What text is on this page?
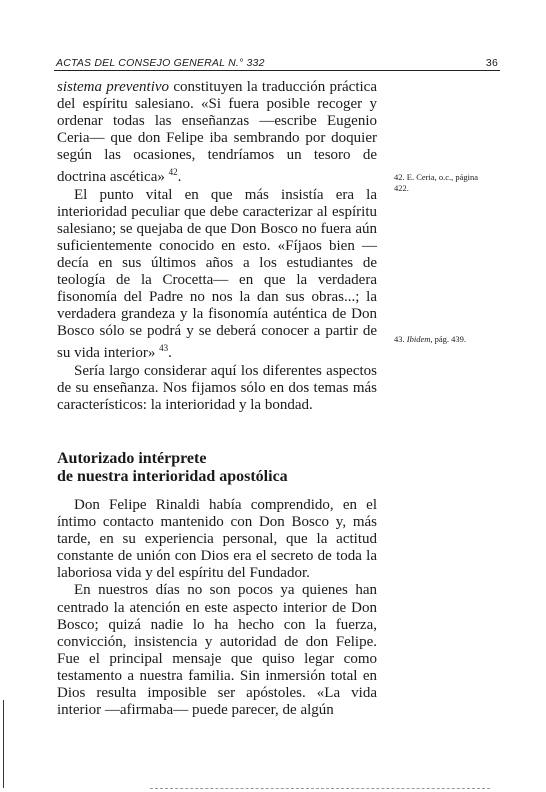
ACTAS DEL CONSEJO GENERAL N.° 332	36

sistema preventivo constituyen la traducción práctica del espíritu salesiano. «Si fuera posible recoger y ordenar todas las enseñanzas —escribe Eugenio Ceria— que don Felipe iba sembrando por doquier según las ocasiones, tendríamos un tesoro de doctrina ascética» $^{42}$.

El punto vital en que más insistía era la interioridad peculiar que debe caracterizar al espíritu salesiano; se quejaba de que Don Bosco no fuera aún suficientemente conocido en esto. «Fíjaos bien —decía en sus últimos años a los estudiantes de teología de la Crocetta— en que la verdadera fisonomía del Padre no nos la dan sus obras...; la verdadera grandeza y la fisonomía auténtica de Don Bosco sólo se podrá y se deberá conocer a partir de su vida interior» $^{43}$.

Sería largo considerar aquí los diferentes aspectos de su enseñanza. Nos fijamos sólo en dos temas más característicos: la interioridad y la bondad.

Autorizado intérprete
de nuestra interioridad apostólica

Don Felipe Rinaldi había comprendido, en el íntimo contacto mantenido con Don Bosco y, más tarde, en su experiencia personal, que la actitud constante de unión con Dios era el secreto de toda la laboriosa vida y del espíritu del Fundador.

En nuestros días no son pocos ya quienes han centrado la atención en este aspecto interior de Don Bosco; quizá nadie lo ha hecho con la fuerza, convicción, insistencia y autoridad de don Felipe. Fue el principal mensaje que quiso legar como testamento a nuestra familia. Sin inmersión total en Dios resulta imposible ser apóstoles. «La vida interior —afirmaba— puede parecer, de algún

42. E. Ceria, o.c., página 422.
43. Ibidem, pág. 439.
